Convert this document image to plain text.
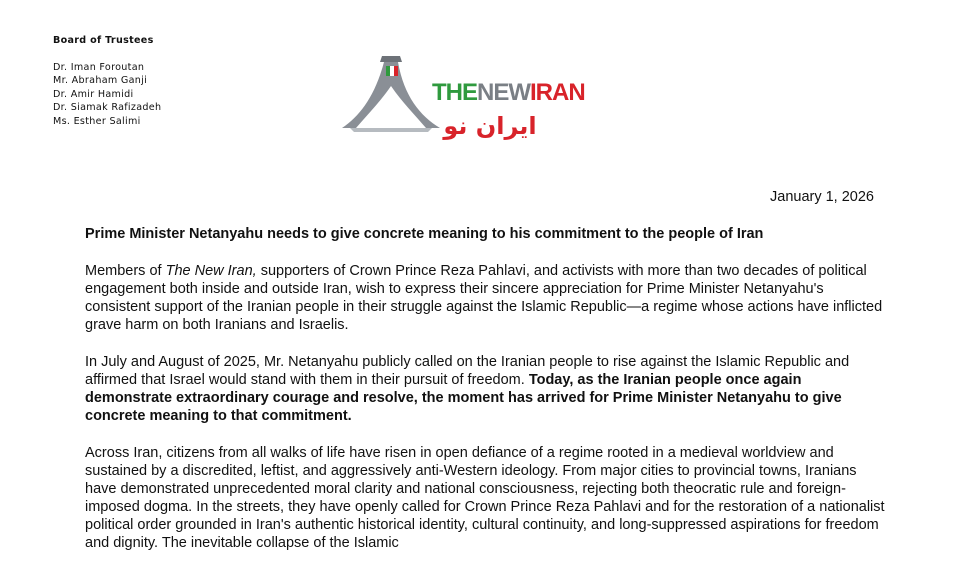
Board of Trustees
Dr. Iman Foroutan
Mr. Abraham Ganji
Dr. Amir Hamidi
Dr. Siamak Rafizadeh
Ms. Esther Salimi
THENEWIRAN
ایران نو
January 1, 2026
Prime Minister Netanyahu needs to give concrete meaning to his commitment to the people of Iran

Members of The New Iran, supporters of Crown Prince Reza Pahlavi, and activists with more than two decades of political engagement both inside and outside Iran, wish to express their sincere appreciation for Prime Minister Netanyahu's consistent support of the Iranian people in their struggle against the Islamic Republic—a regime whose actions have inflicted grave harm on both Iranians and Israelis.

In July and August of 2025, Mr. Netanyahu publicly called on the Iranian people to rise against the Islamic Republic and affirmed that Israel would stand with them in their pursuit of freedom. Today, as the Iranian people once again demonstrate extraordinary courage and resolve, the moment has arrived for Prime Minister Netanyahu to give concrete meaning to that commitment.

Across Iran, citizens from all walks of life have risen in open defiance of a regime rooted in a medieval worldview and sustained by a discredited, leftist, and aggressively anti-Western ideology. From major cities to provincial towns, Iranians have demonstrated unprecedented moral clarity and national consciousness, rejecting both theocratic rule and foreign-imposed dogma. In the streets, they have openly called for Crown Prince Reza Pahlavi and for the restoration of a nationalist political order grounded in Iran's authentic historical identity, cultural continuity, and long-suppressed aspirations for freedom and dignity. The inevitable collapse of the Islamic
